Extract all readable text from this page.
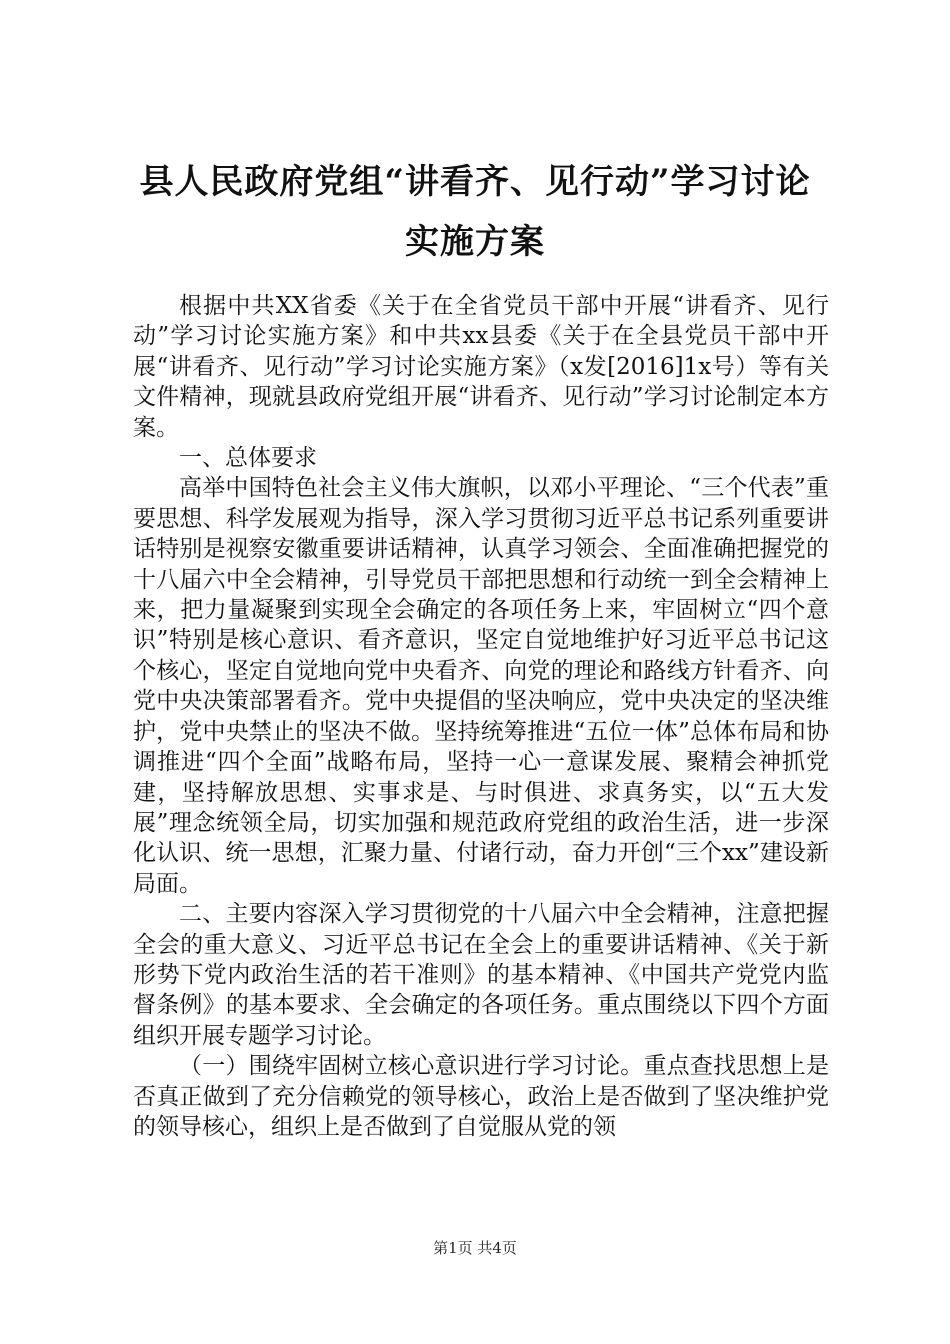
县人民政府党组“讲看齐、见行动”学习讨论
实施方案

根据中共XX省委《关于在全省党员干部中开展“讲看齐、见行动”学习讨论实施方案》和中共xx县委《关于在全县党员干部中开展“讲看齐、见行动”学习讨论实施方案》（x发[2016]1x号）等有关文件精神，现就县政府党组开展“讲看齐、见行动”学习讨论制定本方案。

一、总体要求

高举中国特色社会主义伟大旗帜，以邓小平理论、“三个代表”重要思想、科学发展观为指导，深入学习贯彻习近平总书记系列重要讲话特别是视察安徽重要讲话精神，认真学习领会、全面准确把握党的十八届六中全会精神，引导党员干部把思想和行动统一到全会精神上来，把力量凝聚到实现全会确定的各项任务上来，牢固树立“四个意识”特别是核心意识、看齐意识，坚定自觉地维护好习近平总书记这个核心，坚定自觉地向党中央看齐、向党的理论和路线方针看齐、向党中央决策部署看齐。党中央提倡的坚决响应，党中央决定的坚决维护，党中央禁止的坚决不做。坚持统筹推进“五位一体”总体布局和协调推进“四个全面”战略布局，坚持一心一意谋发展、聚精会神抓党建，坚持解放思想、实事求是、与时俱进、求真务实，以“五大发展”理念统领全局，切实加强和规范政府党组的政治生活，进一步深化认识、统一思想，汇聚力量、付诸行动，奋力开创“三个xx”建设新局面。

二、主要内容深入学习贯彻党的十八届六中全会精神，注意把握全会的重大意义、习近平总书记在全会上的重要讲话精神、《关于新形势下党内政治生活的若干准则》的基本精神、《中国共产党党内监督条例》的基本要求、全会确定的各项任务。重点围绕以下四个方面组织开展专题学习讨论。

（一）围绕牢固树立核心意识进行学习讨论。重点查找思想上是否真正做到了充分信赖党的领导核心，政治上是否做到了坚决维护党的领导核心，组织上是否做到了自觉服从党的领

第1页 共4页
